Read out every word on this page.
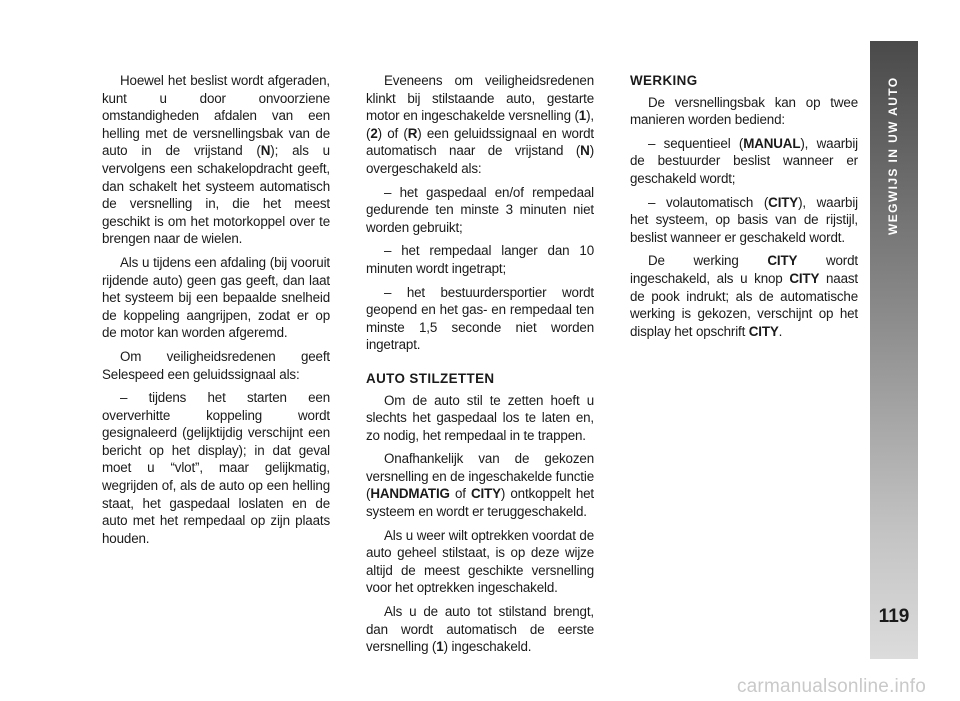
Hoewel het beslist wordt afgeraden, kunt u door onvoorziene omstandigheden afdalen van een helling met de versnellingsbak van de auto in de vrijstand (N); als u vervolgens een schakelopdracht geeft, dan schakelt het systeem automatisch de versnelling in, die het meest geschikt is om het motorkoppel over te brengen naar de wielen.

Als u tijdens een afdaling (bij vooruit rijdende auto) geen gas geeft, dan laat het systeem bij een bepaalde snelheid de koppeling aangrijpen, zodat er op de motor kan worden afgeremd.

Om veiligheidsredenen geeft Selespeed een geluidssignaal als:

– tijdens het starten een oververhitte koppeling wordt gesignaleerd (gelijktijdig verschijnt een bericht op het display); in dat geval moet u “vlot”, maar gelijkmatig, wegrijden of, als de auto op een helling staat, het gaspedaal loslaten en de auto met het rempedaal op zijn plaats houden.

Eveneens om veiligheidsredenen klinkt bij stilstaande auto, gestarte motor en ingeschakelde versnelling (1), (2) of (R) een geluidssignaal en wordt automatisch naar de vrijstand (N) overgeschakeld als:

– het gaspedaal en/of rempedaal gedurende ten minste 3 minuten niet worden gebruikt;

– het rempedaal langer dan 10 minuten wordt ingetrapt;

– het bestuurdersportier wordt geopend en het gas- en rempedaal ten minste 1,5 seconde niet worden ingetrapt.

AUTO STILZETTEN

Om de auto stil te zetten hoeft u slechts het gaspedaal los te laten en, zo nodig, het rempedaal in te trappen.

Onafhankelijk van de gekozen versnelling en de ingeschakelde functie (HANDMATIG of CITY) ontkoppelt het systeem en wordt er teruggeschakeld.

Als u weer wilt optrekken voordat de auto geheel stilstaat, is op deze wijze altijd de meest geschikte versnelling voor het optrekken ingeschakeld.

Als u de auto tot stilstand brengt, dan wordt automatisch de eerste versnelling (1) ingeschakeld.

WERKING

De versnellingsbak kan op twee manieren worden bediend:

– sequentieel (MANUAL), waarbij de bestuurder beslist wanneer er geschakeld wordt;

– volautomatisch (CITY), waarbij het systeem, op basis van de rijstijl, beslist wanneer er geschakeld wordt.

De werking CITY wordt ingeschakeld, als u knop CITY naast de pook indrukt; als de automatische werking is gekozen, verschijnt op het display het opschrift CITY.

WEGWIJS IN UW AUTO
119
carmanualsonline.info
